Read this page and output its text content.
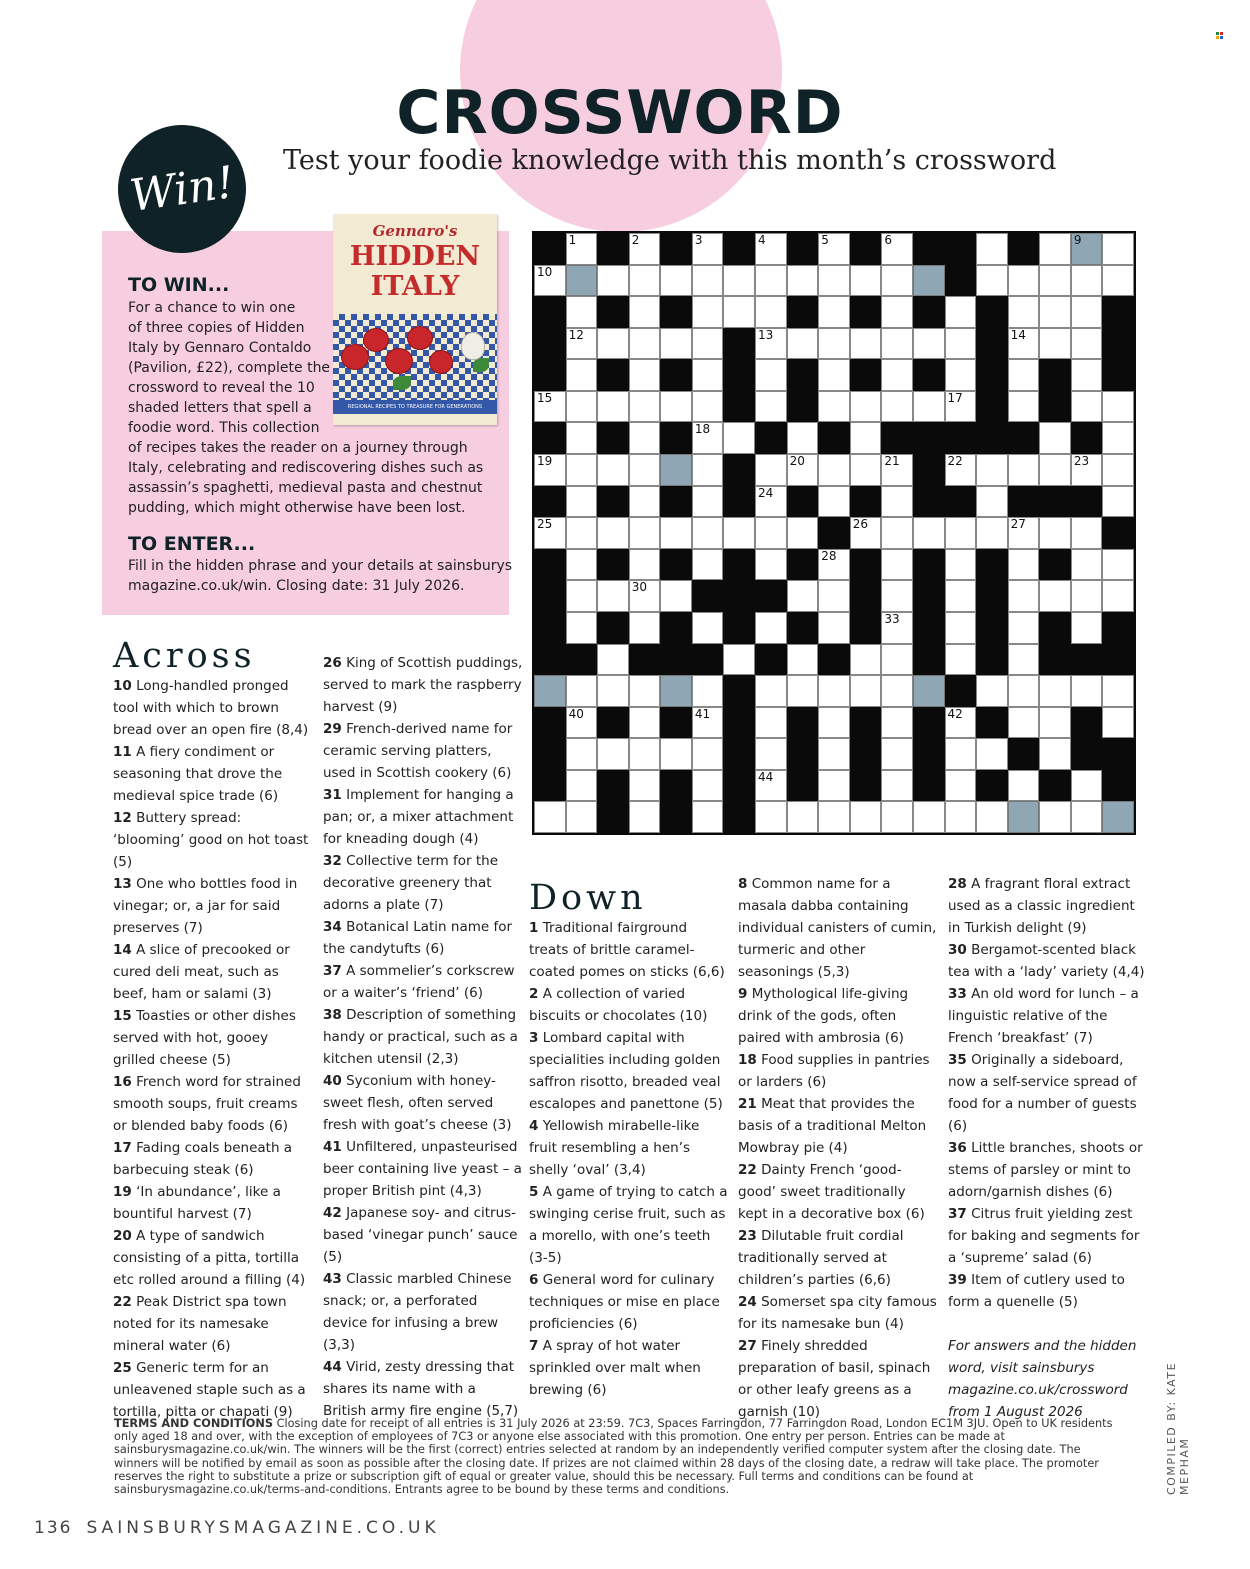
CROSSWORD
Test your foodie knowledge with this month’s crossword
Win!
Gennaro's
HIDDEN
ITALY
REGIONAL RECIPES TO TREASURE FOR GENERATIONS
TO WIN...
For a chance to win one
of three copies of Hidden
Italy by Gennaro Contaldo
(Pavilion, £22), complete the
crossword to reveal the 10
shaded letters that spell a
foodie word. This collection
of recipes takes the reader on a journey through
Italy, celebrating and rediscovering dishes such as
assassin’s spaghetti, medieval pasta and chestnut
pudding, which might otherwise have been lost.
TO ENTER...
Fill in the hidden phrase and your details at sainsburys
magazine.co.uk/win. Closing date: 31 July 2026.
1	2	3	4	5	6	9
10
12	13	14
15	17
18
19	20	21	22	23
24
25	26	27
28
30
33
40	41	42
44
Across

10 Long-handled pronged tool with which to brown bread over an open fire (8,4)

11 A fiery condiment or seasoning that drove the medieval spice trade (6)

12 Buttery spread: ‘blooming’ good on hot toast (5)

13 One who bottles food in vinegar; or, a jar for said preserves (7)

14 A slice of precooked or cured deli meat, such as beef, ham or salami (3)

15 Toasties or other dishes served with hot, gooey grilled cheese (5)

16 French word for strained smooth soups, fruit creams or blended baby foods (6)

17 Fading coals beneath a barbecuing steak (6)

19 ‘In abundance’, like a bountiful harvest (7)

20 A type of sandwich consisting of a pitta, tortilla etc rolled around a filling (4)

22 Peak District spa town noted for its namesake mineral water (6)

25 Generic term for an unleavened staple such as a tortilla, pitta or chapati (9)

26 King of Scottish puddings, served to mark the raspberry harvest (9)

29 French-derived name for ceramic serving platters, used in Scottish cookery (6)

31 Implement for hanging a pan; or, a mixer attachment for kneading dough (4)

32 Collective term for the decorative greenery that adorns a plate (7)

34 Botanical Latin name for the candytufts (6)

37 A sommelier’s corkscrew or a waiter’s ‘friend’ (6)

38 Description of something handy or practical, such as a kitchen utensil (2,3)

40 Syconium with honey-sweet flesh, often served fresh with goat’s cheese (3)

41 Unfiltered, unpasteurised beer containing live yeast – a proper British pint (4,3)

42 Japanese soy- and citrus-based ‘vinegar punch’ sauce (5)

43 Classic marbled Chinese snack; or, a perforated device for infusing a brew (3,3)

44 Virid, zesty dressing that shares its name with a British army fire engine (5,7)

Down

1 Traditional fairground treats of brittle caramel-coated pomes on sticks (6,6)

2 A collection of varied biscuits or chocolates (10)

3 Lombard capital with specialities including golden saffron risotto, breaded veal escalopes and panettone (5)

4 Yellowish mirabelle-like fruit resembling a hen’s shelly ‘oval’ (3,4)

5 A game of trying to catch a swinging cerise fruit, such as a morello, with one’s teeth (3-5)

6 General word for culinary techniques or mise en place proficiencies (6)

7 A spray of hot water sprinkled over malt when brewing (6)

8 Common name for a masala dabba containing individual canisters of cumin, turmeric and other seasonings (5,3)

9 Mythological life-giving drink of the gods, often paired with ambrosia (6)

18 Food supplies in pantries or larders (6)

21 Meat that provides the basis of a traditional Melton Mowbray pie (4)

22 Dainty French ‘good-good’ sweet traditionally kept in a decorative box (6)

23 Dilutable fruit cordial traditionally served at children’s parties (6,6)

24 Somerset spa city famous for its namesake bun (4)

27 Finely shredded preparation of basil, spinach or other leafy greens as a garnish (10)

28 A fragrant floral extract used as a classic ingredient in Turkish delight (9)

30 Bergamot-scented black tea with a ‘lady’ variety (4,4)

33 An old word for lunch – a linguistic relative of the French ‘breakfast’ (7)

35 Originally a sideboard, now a self-service spread of food for a number of guests (6)

36 Little branches, shoots or stems of parsley or mint to adorn/garnish dishes (6)

37 Citrus fruit yielding zest for baking and segments for a ‘supreme’ salad (6)

39 Item of cutlery used to form a quenelle (5)

For answers and the hidden word, visit sainsburys magazine.co.uk/crossword from 1 August 2026

TERMS AND CONDITIONS Closing date for receipt of all entries is 31 July 2026 at 23:59. 7C3, Spaces Farringdon, 77 Farringdon Road, London EC1M 3JU. Open to UK residents only aged 18 and over, with the exception of employees of 7C3 or anyone else associated with this promotion. One entry per person. Entries can be made at sainsburysmagazine.co.uk/win. The winners will be the first (correct) entries selected at random by an independently verified computer system after the closing date. The winners will be notified by email as soon as possible after the closing date. If prizes are not claimed within 28 days of the closing date, a redraw will take place. The promoter reserves the right to substitute a prize or subscription gift of equal or greater value, should this be necessary. Full terms and conditions can be found at sainsburysmagazine.co.uk/terms-and-conditions. Entrants agree to be bound by these terms and conditions.
136 SAINSBURYSMAGAZINE.CO.UK
COMPILED BY: KATE MEPHAM
